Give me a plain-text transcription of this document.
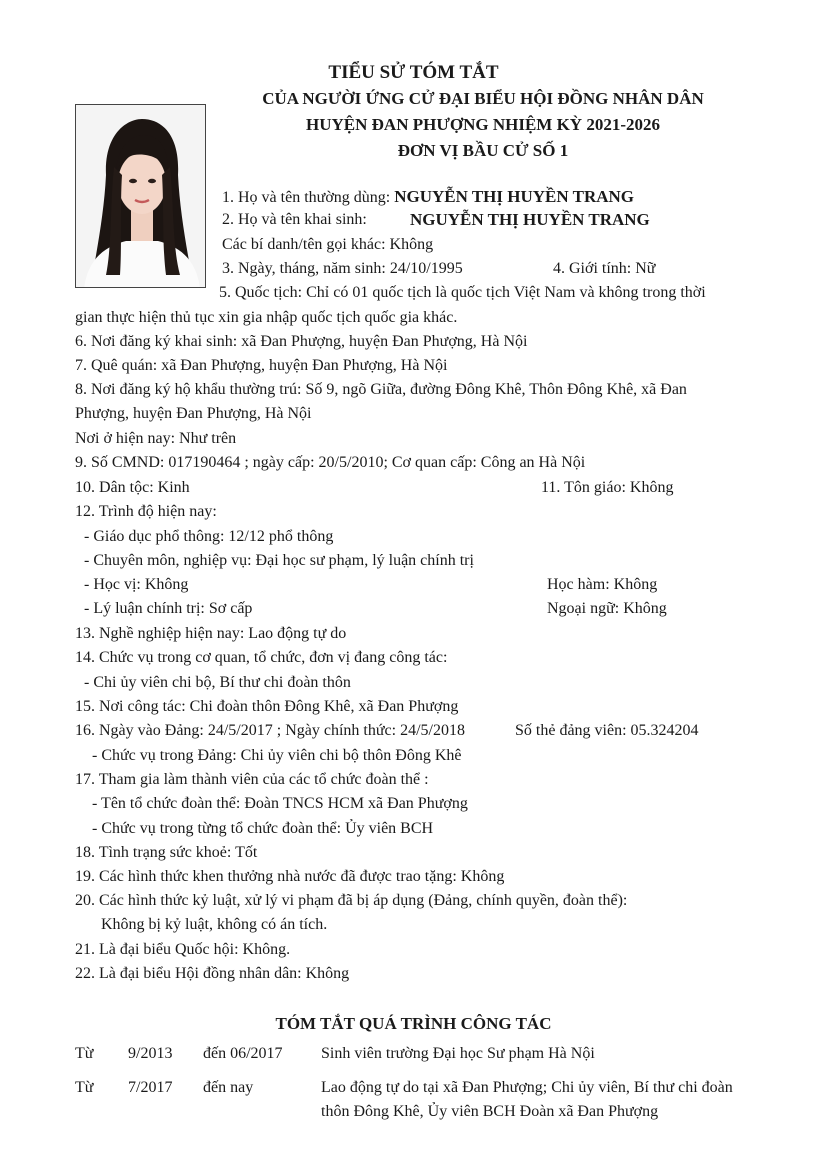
TIỂU SỬ TÓM TẮT
CỦA NGƯỜI ỨNG CỬ ĐẠI BIỂU HỘI ĐỒNG NHÂN DÂN
HUYỆN ĐAN PHƯỢNG NHIỆM KỲ 2021-2026
ĐƠN VỊ BẦU CỬ SỐ 1
1. Họ và tên thường dùng: NGUYỄN THỊ HUYỀN TRANG
2. Họ và tên khai sinh:	NGUYỄN THỊ HUYỀN TRANG
Các bí danh/tên gọi khác: Không
3. Ngày, tháng, năm sinh: 24/10/1995	4. Giới tính: Nữ
5. Quốc tịch: Chỉ có 01 quốc tịch là quốc tịch Việt Nam và không trong thời
gian thực hiện thủ tục xin gia nhập quốc tịch quốc gia khác.
6. Nơi đăng ký khai sinh: xã Đan Phượng, huyện Đan Phượng, Hà Nội
7. Quê quán: xã Đan Phượng, huyện Đan Phượng, Hà Nội
8. Nơi đăng ký hộ khẩu thường trú: Số 9, ngõ Giữa, đường Đông Khê, Thôn Đông Khê, xã Đan
Phượng, huyện Đan Phượng, Hà Nội
Nơi ở hiện nay: Như trên
9. Số CMND: 017190464 ; ngày cấp: 20/5/2010; Cơ quan cấp: Công an Hà Nội
10. Dân tộc: Kinh	11. Tôn giáo: Không
12. Trình độ hiện nay:
- Giáo dục phổ thông: 12/12 phổ thông
- Chuyên môn, nghiệp vụ: Đại học sư phạm, lý luận chính trị
- Học vị: Không	Học hàm: Không
- Lý luận chính trị: Sơ cấp	Ngoại ngữ: Không
13. Nghề nghiệp hiện nay: Lao động tự do
14. Chức vụ trong cơ quan, tổ chức, đơn vị đang công tác:
- Chi ủy viên chi bộ, Bí thư chi đoàn thôn
15. Nơi công tác: Chi đoàn thôn Đông Khê, xã Đan Phượng
16. Ngày vào Đảng: 24/5/2017 ; Ngày chính thức: 24/5/2018	Số thẻ đảng viên: 05.324204
- Chức vụ trong Đảng: Chi ủy viên chi bộ thôn Đông Khê
17. Tham gia làm thành viên của các tổ chức đoàn thể :
- Tên tổ chức đoàn thể: Đoàn TNCS HCM xã Đan Phượng
- Chức vụ trong từng tổ chức đoàn thể: Ủy viên BCH
18. Tình trạng sức khoẻ: Tốt
19. Các hình thức khen thưởng nhà nước đã được trao tặng: Không
20. Các hình thức kỷ luật, xử lý vi phạm đã bị áp dụng (Đảng, chính quyền, đoàn thể):
Không bị kỷ luật, không có án tích.
21. Là đại biểu Quốc hội: Không.
22. Là đại biểu Hội đồng nhân dân: Không
TÓM TẮT QUÁ TRÌNH CÔNG TÁC
Từ 9/2013 đến 06/2017 Sinh viên trường Đại học Sư phạm Hà Nội
Từ 7/2017 đến nay	Lao động tự do tại xã Đan Phượng; Chi ủy viên, Bí thư chi đoàn
thôn Đông Khê, Ủy viên BCH Đoàn xã Đan Phượng
